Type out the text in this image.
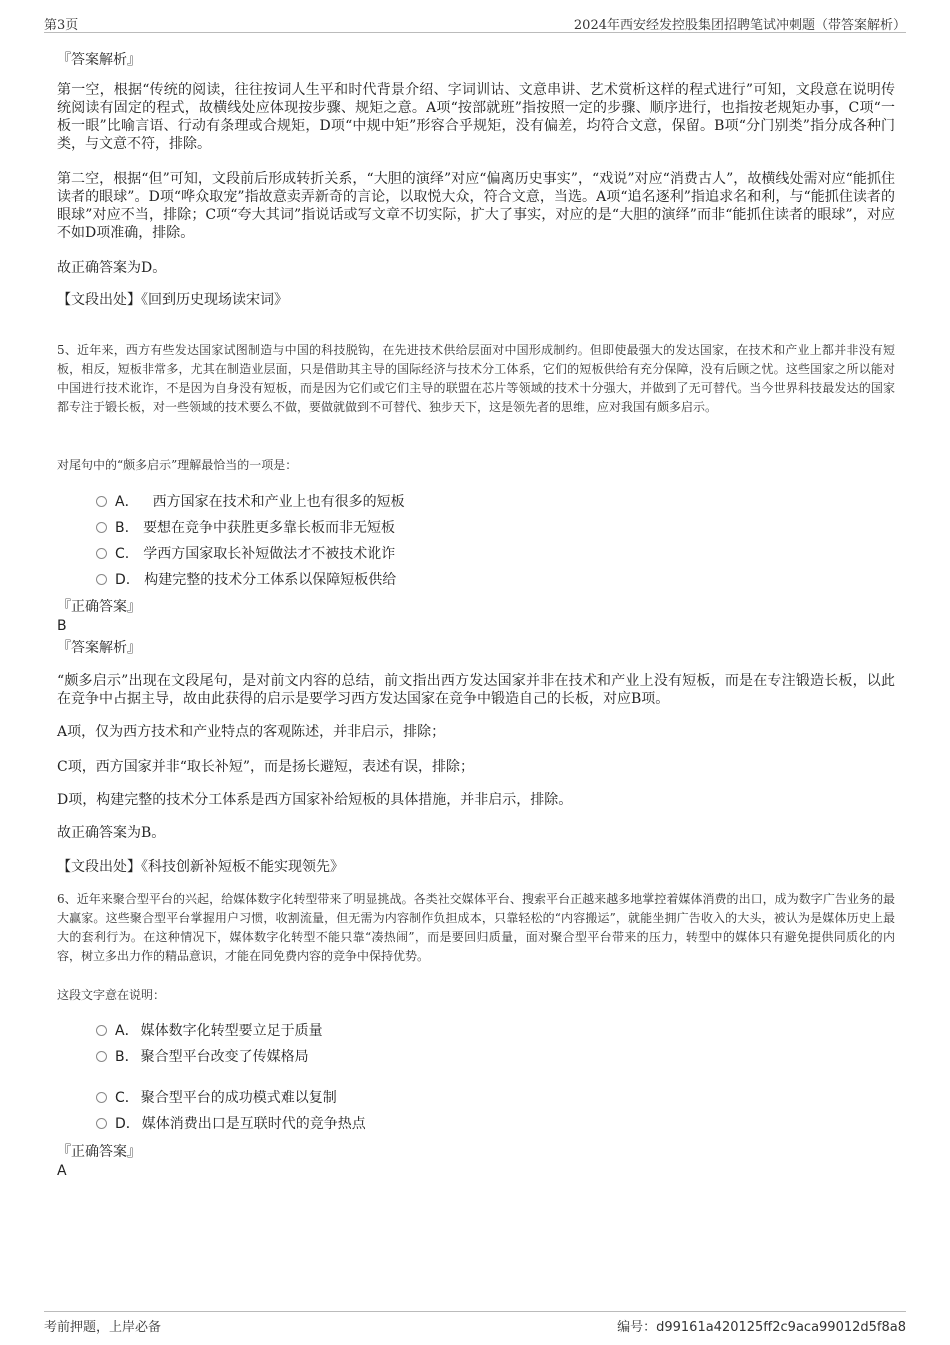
第3页	2024年西安经发控股集团招聘笔试冲刺题（带答案解析）
『答案解析』

第一空，根据“传统的阅读，往往按词人生平和时代背景介绍、字词训诂、文意串讲、艺术赏析这样的程式进行”可知，文段意在说明传统阅读有固定的程式，故横线处应体现按步骤、规矩之意。A项“按部就班”指按照一定的步骤、顺序进行，也指按老规矩办事，C项“一板一眼”比喻言语、行动有条理或合规矩，D项“中规中矩”形容合乎规矩，没有偏差，均符合文意，保留。B项“分门别类”指分成各种门类，与文意不符，排除。

第二空，根据“但”可知，文段前后形成转折关系，“大胆的演绎”对应“偏离历史事实”，“戏说”对应“消费古人”，故横线处需对应“能抓住读者的眼球”。D项“哗众取宠”指故意卖弄新奇的言论，以取悦大众，符合文意，当选。A项“追名逐利”指追求名和利，与“能抓住读者的眼球”对应不当，排除；C项“夸大其词”指说话或写文章不切实际，扩大了事实，对应的是“大胆的演绎”而非“能抓住读者的眼球”，对应不如D项准确，排除。

故正确答案为D。
【文段出处】《回到历史现场读宋词》

5、近年来，西方有些发达国家试图制造与中国的科技脱钩，在先进技术供给层面对中国形成制约。但即使最强大的发达国家，在技术和产业上都并非没有短板，相反，短板非常多，尤其在制造业层面，只是借助其主导的国际经济与技术分工体系，它们的短板供给有充分保障，没有后顾之忧。这些国家之所以能对中国进行技术讹诈，不是因为自身没有短板，而是因为它们或它们主导的联盟在芯片等领域的技术十分强大，并做到了无可替代。当今世界科技最发达的国家都专注于锻长板，对一些领域的技术要么不做，要做就做到不可替代、独步天下，这是领先者的思维，应对我国有颇多启示。

对尾句中的“颇多启示”理解最恰当的一项是：
A． 西方国家在技术和产业上也有很多的短板
B. 要想在竞争中获胜更多靠长板而非无短板
C. 学西方国家取长补短做法才不被技术讹诈
D. 构建完整的技术分工体系以保障短板供给
『正确答案』
B
『答案解析』

“颇多启示”出现在文段尾句，是对前文内容的总结，前文指出西方发达国家并非在技术和产业上没有短板，而是在专注锻造长板，以此在竞争中占据主导，故由此获得的启示是要学习西方发达国家在竞争中锻造自己的长板，对应B项。

A项，仅为西方技术和产业特点的客观陈述，并非启示，排除；
C项，西方国家并非“取长补短”，而是扬长避短，表述有误，排除；
D项，构建完整的技术分工体系是西方国家补给短板的具体措施，并非启示，排除。
故正确答案为B。
【文段出处】《科技创新补短板不能实现领先》

6、近年来聚合型平台的兴起，给媒体数字化转型带来了明显挑战。各类社交媒体平台、搜索平台正越来越多地掌控着媒体消费的出口，成为数字广告业务的最大赢家。这些聚合型平台掌握用户习惯，收割流量，但无需为内容制作负担成本，只靠轻松的“内容搬运”，就能坐拥广告收入的大头，被认为是媒体历史上最大的套利行为。在这种情况下，媒体数字化转型不能只靠“凑热闹”，而是要回归质量，面对聚合型平台带来的压力，转型中的媒体只有避免提供同质化的内容，树立多出力作的精品意识，才能在同免费内容的竞争中保持优势。

这段文字意在说明：
A． 媒体数字化转型要立足于质量
B． 聚合型平台改变了传媒格局
C． 聚合型平台的成功模式难以复制
D． 媒体消费出口是互联时代的竞争热点
『正确答案』
A
考前押题，上岸必备	编号：d99161a420125ff2c9aca99012d5f8a8
